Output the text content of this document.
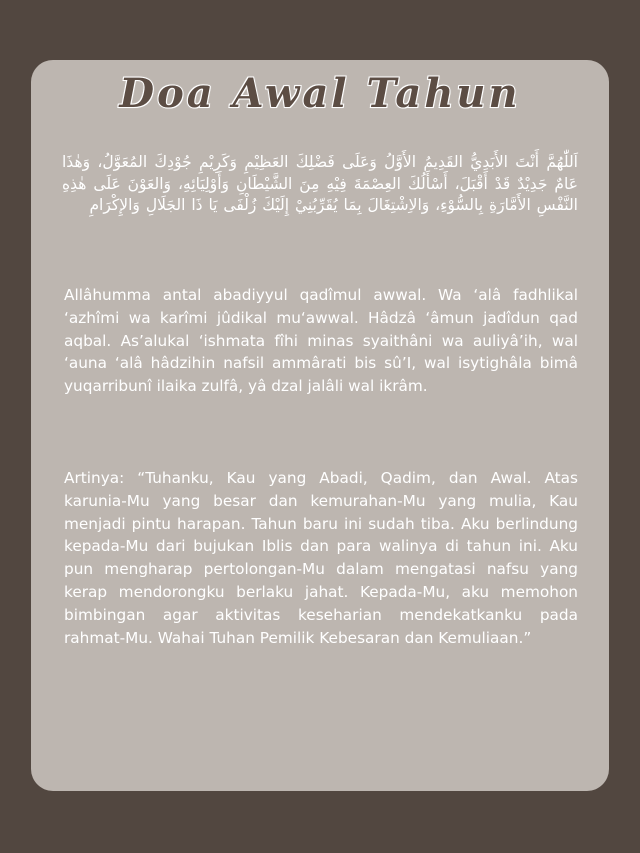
Doa Awal Tahun
اَللّٰهُمَّ أَنْتَ الأَبَدِيُّ القَدِيمُ الأَوَّلُ وَعَلَى فَضْلِكَ العَظِيْمِ وَكَرِيْمِ جُوْدِكَ المُعَوَّلُ، وَهٰذَا عَامٌ جَدِيْدٌ قَدْ أَقْبَلَ، أَسْأَلُكَ العِصْمَةَ فِيْهِ مِنَ الشَّيْطَانِ وَأَوْلِيَائِهِ، وَالعَوْنَ عَلَى هٰذِهِ النَّفْسِ الأَمَّارَةِ بِالسُّوْءِ، وَالاِشْتِغَالَ بِمَا يُقَرِّبُنِيْ إِلَيْكَ زُلْفَى يَا ذَا الجَلَالِ وَالإِكْرَامِ

Allâhumma antal abadiyyul qadîmul awwal. Wa ‘alâ fadhlikal ‘azhîmi wa karîmi jûdikal mu‘awwal. Hâdzâ ‘âmun jadîdun qad aqbal. As’alukal ‘ishmata fîhi minas syaithâni wa auliyâ’ih, wal ‘auna ‘alâ hâdzihin nafsil ammârati bis sû’I, wal isytighâla bimâ yuqarribunî ilaika zulfâ, yâ dzal jalâli wal ikrâm.

Artinya: “Tuhanku, Kau yang Abadi, Qadim, dan Awal. Atas karunia-Mu yang besar dan kemurahan-Mu yang mulia, Kau menjadi pintu harapan. Tahun baru ini sudah tiba. Aku berlindung kepada-Mu dari bujukan Iblis dan para walinya di tahun ini. Aku pun mengharap pertolongan-Mu dalam mengatasi nafsu yang kerap mendorongku berlaku jahat. Kepada-Mu, aku memohon bimbingan agar aktivitas keseharian mendekatkanku pada rahmat-Mu. Wahai Tuhan Pemilik Kebesaran dan Kemuliaan.”
